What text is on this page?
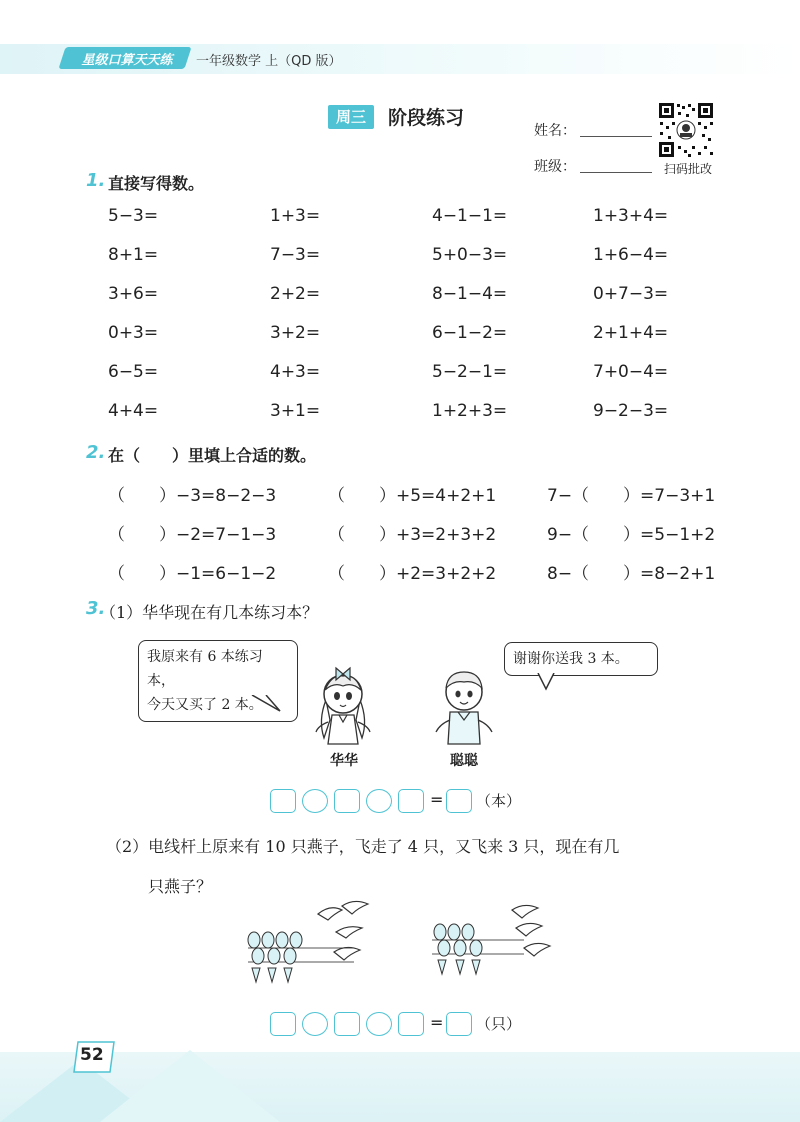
星级口算天天练	一年级数学 上（QD 版）
周三	阶段练习
姓名：
班级：	扫码批改
1. 直接写得数。
5−3=	1+3=	4−1−1=	1+3+4=
8+1=	7−3=	5+0−3=	1+6−4=
3+6=	2+2=	8−1−4=	0+7−3=
0+3=	3+2=	6−1−2=	2+1+4=
6−5=	4+3=	5−2−1=	7+0−4=
4+4=	3+1=	1+2+3=	9−2−3=
2. 在（　　）里填上合适的数。
（　　）−3=8−2−3	（　　）+5=4+2+1	7−（　　）=7−3+1
（　　）−2=7−1−3	（　　）+3=2+3+2	9−（　　）=5−1+2
（　　）−1=6−1−2	（　　）+2=3+2+2	8−（　　）=8−2+1
3.
（1）华华现在有几本练习本？
我原来有 6 本练习本，
今天又买了 2 本。
谢谢你送我 3 本。
华华	聪聪
= （本）
（2）电线杆上原来有 10 只燕子，飞走了 4 只，又飞来 3 只，现在有几
只燕子？
= （只）
52
